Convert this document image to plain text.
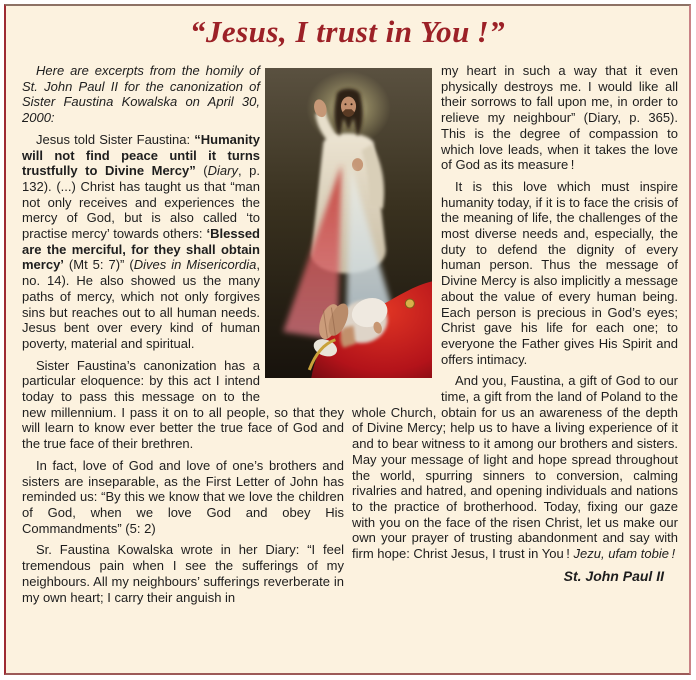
“Jesus, I trust in You !”

Here are excerpts from the homily of St. John Paul II for the canonization of Sister Faustina Kowalska on April 30, 2000:

Jesus told Sister Faustina: “Humanity will not find peace until it turns trustfully to Divine Mercy” (Diary, p. 132). (...) Christ has taught us that “man not only receives and experiences the mercy of God, but is also called ‘to practise mercy’ towards others: ‘Blessed are the merciful, for they shall obtain mercy’ (Mt 5: 7)” (Dives in Misericordia, no. 14). He also showed us the many paths of mercy, which not only forgives sins but reaches out to all human needs. Jesus bent over every kind of human poverty, material and spiritual.

Sister Faustina’s canonization has a particular eloquence: by this act I intend today to pass this message on to the new millennium. I pass it on to all people, so that they will learn to know ever better the true face of God and the true face of their brethren.

In fact, love of God and love of one’s brothers and sisters are inseparable, as the First Letter of John has reminded us: “By this we know that we love the children of God, when we love God and obey His Commandments” (5: 2)

Sr. Faustina Kowalska wrote in her Diary: “I feel tremendous pain when I see the sufferings of my neighbours. All my neighbours’ sufferings reverberate in my own heart; I carry their anguish in

my heart in such a way that it even physically destroys me. I would like all their sorrows to fall upon me, in order to relieve my neighbour” (Diary, p. 365). This is the degree of compassion to which love leads, when it takes the love of God as its measure !

It is this love which must inspire humanity today, if it is to face the crisis of the meaning of life, the challenges of the most diverse needs and, especially, the duty to defend the dignity of every human person. Thus the message of Divine Mercy is also implicitly a message about the value of every human being. Each person is precious in God’s eyes; Christ gave his life for each one; to everyone the Father gives His Spirit and offers intimacy.

And you, Faustina, a gift of God to our time, a gift from the land of Poland to the whole Church, obtain for us an awareness of the depth of Divine Mercy; help us to have a living experience of it and to bear witness to it among our brothers and sisters. May your message of light and hope spread throughout the world, spurring sinners to conversion, calming rivalries and hatred, and opening individuals and nations to the practice of brotherhood. Today, fixing our gaze with you on the face of the risen Christ, let us make our own your prayer of trusting abandonment and say with firm hope: Christ Jesus, I trust in You ! Jezu, ufam tobie !

St. John Paul II
